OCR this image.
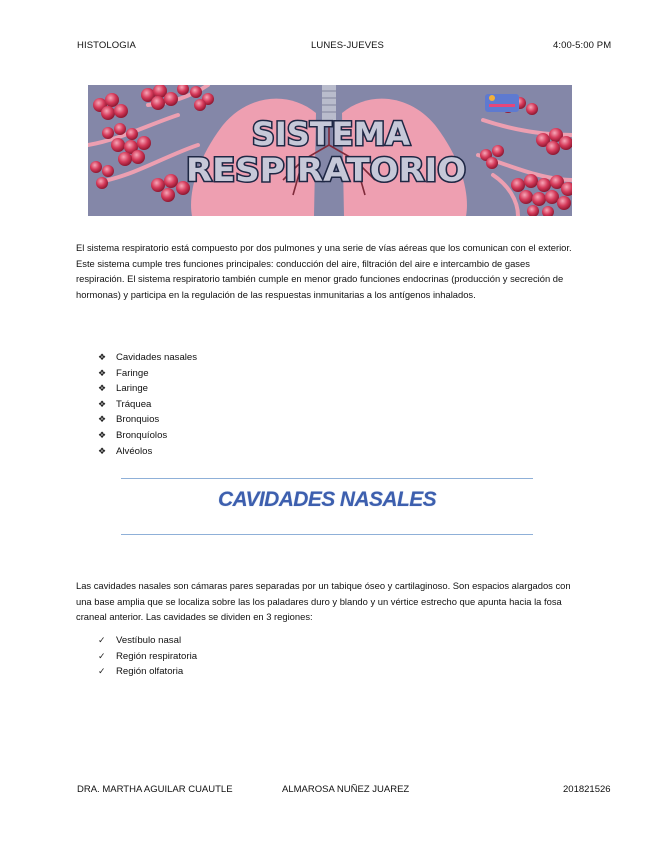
HISTOLOGIA	LUNES-JUEVES	4:00-5:00 PM
SISTEMA
RESPIRATORIO
El sistema respiratorio está compuesto por dos pulmones y una serie de vías aéreas que los comunican con el exterior. Este sistema cumple tres funciones principales: conducción del aire, filtración del aire e intercambio de gases respiración. El sistema respiratorio también cumple en menor grado funciones endocrinas (producción y secreción de hormonas) y participa en la regulación de las respuestas inmunitarias a los antígenos inhalados.
❖ Cavidades nasales
❖ Faringe
❖ Laringe
❖ Tráquea
❖ Bronquios
❖ Bronquíolos
❖ Alvéolos
CAVIDADES NASALES
Las cavidades nasales son cámaras pares separadas por un tabique óseo y cartilaginoso. Son espacios alargados con una base amplia que se localiza sobre las los paladares duro y blando y un vértice estrecho que apunta hacia la fosa craneal anterior. Las cavidades se dividen en 3 regiones:
✓ Vestíbulo nasal
✓ Región respiratoria
✓ Región olfatoria
DRA. MARTHA AGUILAR CUAUTLE	ALMAROSA NUÑEZ JUAREZ	201821526
